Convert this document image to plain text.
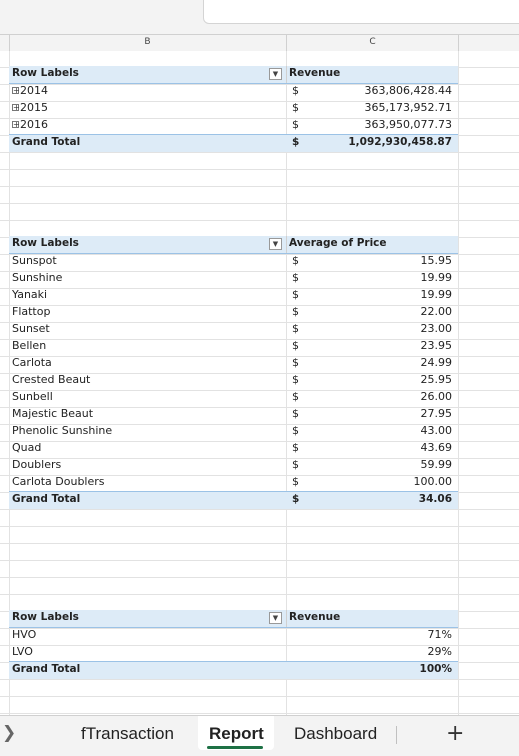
B	C
Row Labels	▼	Revenue
+2014	$	363,806,428.44
+2015	$	365,173,952.71
+2016	$	363,950,077.73
Grand Total	$	1,092,930,458.87
Row Labels	▼	Average of Price
Sunspot	$	15.95
Sunshine	$	19.99
Yanaki	$	19.99
Flattop	$	22.00
Sunset	$	23.00
Bellen	$	23.95
Carlota	$	24.99
Crested Beaut	$	25.95
Sunbell	$	26.00
Majestic Beaut	$	27.95
Phenolic Sunshine	$	43.00
Quad	$	43.69
Doublers	$	59.99
Carlota Doublers	$	100.00
Grand Total	$	34.06
Row Labels	▼	Revenue
HVO	71%
LVO	29%
Grand Total	100%
❯	fTransaction Report Dashboard	+
